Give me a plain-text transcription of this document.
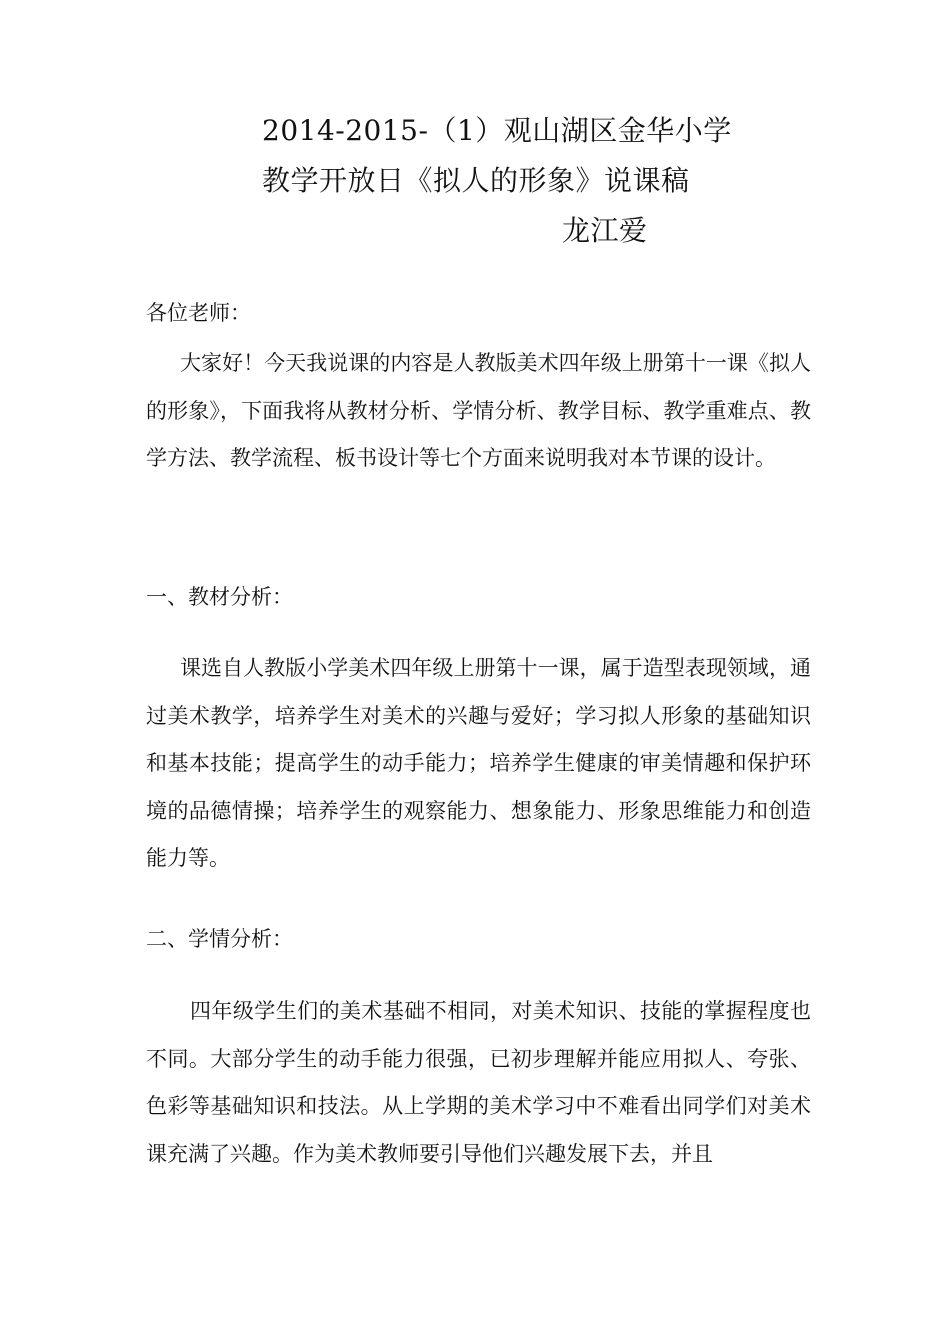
2014-2015-（1）观山湖区金华小学
教学开放日《拟人的形象》说课稿
龙江爱

各位老师：

大家好！今天我说课的内容是人教版美术四年级上册第十一课《拟人的形象》，下面我将从教材分析、学情分析、教学目标、教学重难点、教学方法、教学流程、板书设计等七个方面来说明我对本节课的设计。

一、教材分析：

课选自人教版小学美术四年级上册第十一课，属于造型表现领域，通过美术教学，培养学生对美术的兴趣与爱好；学习拟人形象的基础知识和基本技能；提高学生的动手能力；培养学生健康的审美情趣和保护环境的品德情操；培养学生的观察能力、想象能力、形象思维能力和创造能力等。

二、学情分析：

四年级学生们的美术基础不相同，对美术知识、技能的掌握程度也不同。大部分学生的动手能力很强，已初步理解并能应用拟人、夸张、色彩等基础知识和技法。从上学期的美术学习中不难看出同学们对美术课充满了兴趣。作为美术教师要引导他们兴趣发展下去，并且
